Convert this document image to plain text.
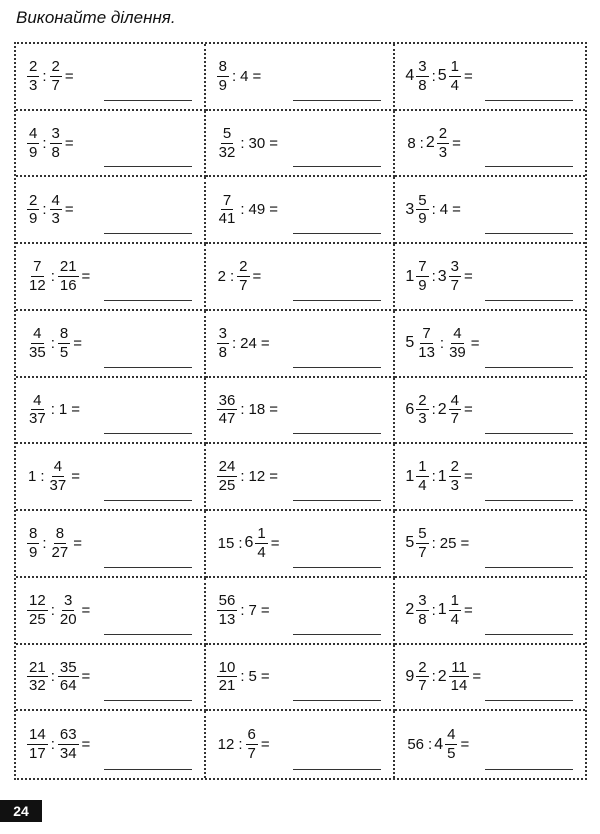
Виконайте ділення.
$\frac{2}{3}$ : $\frac{2}{7}$ =	$\frac{8}{9}$ : 4 =	$4 \frac{3}{8}$ : $5 \frac{1}{4}$ =
$\frac{4}{9}$ : $\frac{3}{8}$ =	$\frac{5}{32}$ : 30 =	8 : $2 \frac{2}{3}$ =
$\frac{2}{9}$ : $\frac{4}{3}$ =	$\frac{7}{41}$ : 49 =	$3 \frac{5}{9}$ : 4 =
$\frac{7}{12}$ : $\frac{21}{16}$ =	2 : $\frac{2}{7}$ =	$1 \frac{7}{9}$ : $3 \frac{3}{7}$ =
$\frac{4}{35}$ : $\frac{8}{5}$ =	$\frac{3}{8}$ : 24 =	$5 \frac{7}{13}$ : $\frac{4}{39}$ =
$\frac{4}{37}$ : 1 =	$\frac{36}{47}$ : 18 =	$6 \frac{2}{3}$ : $2 \frac{4}{7}$ =
1 : $\frac{4}{37}$ =	$\frac{24}{25}$ : 12 =	$1 \frac{1}{4}$ : $1 \frac{2}{3}$ =
$\frac{8}{9}$ : $\frac{8}{27}$ =	15 : $6 \frac{1}{4}$ =	$5 \frac{5}{7}$ : 25 =
$\frac{12}{25}$ : $\frac{3}{20}$ =	$\frac{56}{13}$ : 7 =	$2 \frac{3}{8}$ : $1 \frac{1}{4}$ =
$\frac{21}{32}$ : $\frac{35}{64}$ =	$\frac{10}{21}$ : 5 =	$9 \frac{2}{7}$ : $2 \frac{11}{14}$ =
$\frac{14}{17}$ : $\frac{63}{34}$ =	12 : $\frac{6}{7}$ =	56 : $4 \frac{4}{5}$ =
24
